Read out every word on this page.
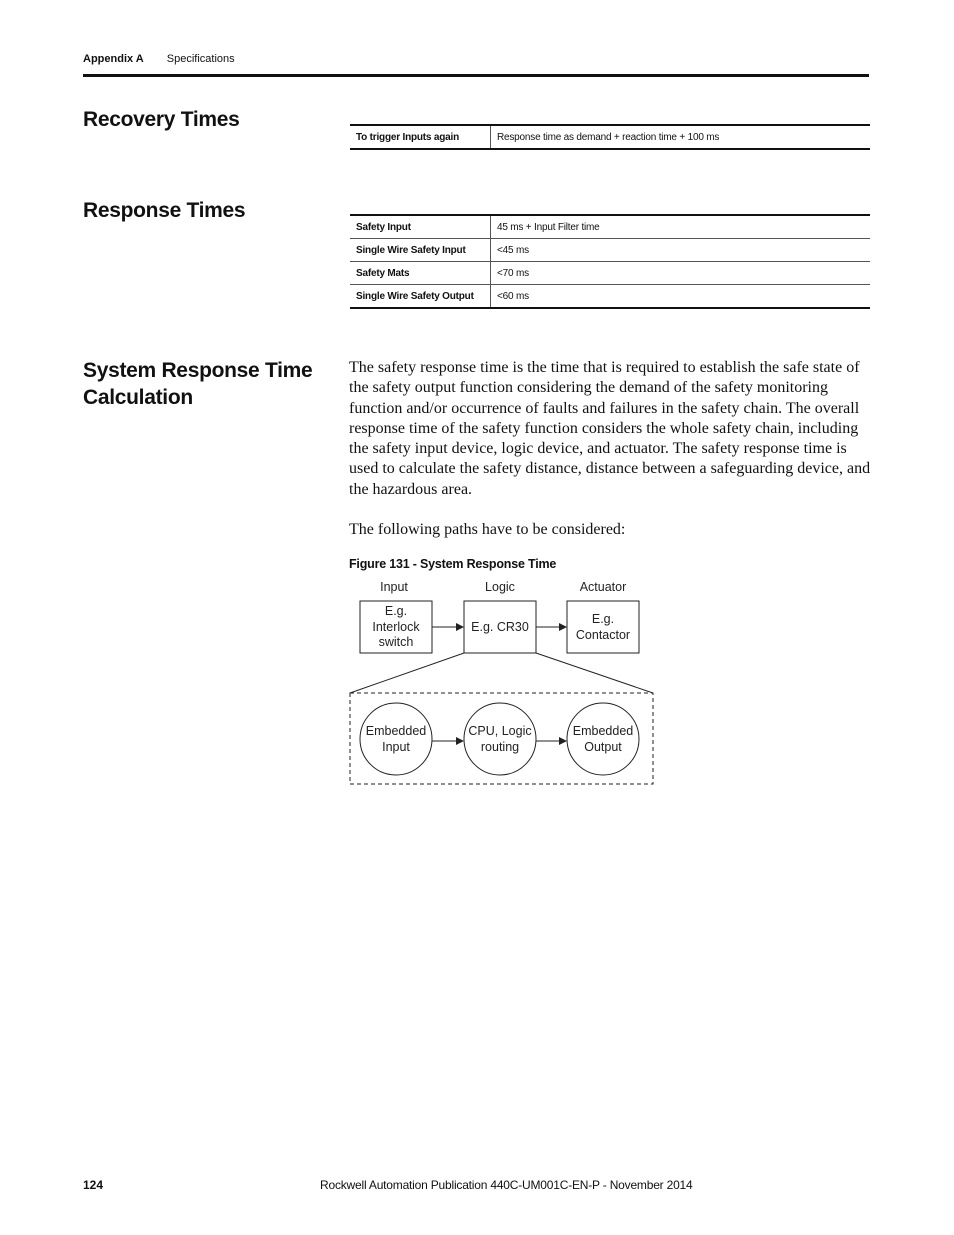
Appendix A Specifications
Recovery Times
To trigger Inputs again	Response time as demand + reaction time + 100 ms
Response Times
Safety Input	45 ms + Input Filter time
Single Wire Safety Input	<45 ms
Safety Mats	<70 ms
Single Wire Safety Output	<60 ms
System Response Time
Calculation

The safety response time is the time that is required to establish the safe state of the safety output function considering the demand of the safety monitoring function and/or occurrence of faults and failures in the safety chain. The overall response time of the safety function considers the whole safety chain, including the safety input device, logic device, and actuator. The safety response time is used to calculate the safety distance, distance between a safeguarding device, and the hazardous area.

The following paths have to be considered:

Figure 131 - System Response Time

Input	Logic	Actuator
E.g.
Interlock
switch
E.g. CR30
E.g.
Contactor
Embedded
Input
CPU, Logic
routing
Embedded
Output
124	Rockwell Automation Publication 440C-UM001C-EN-P - November 2014
